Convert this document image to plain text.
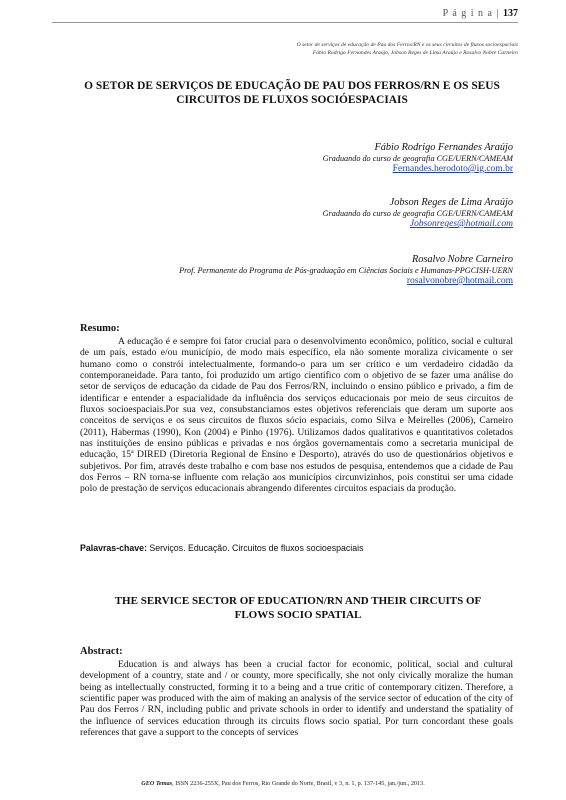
P á g i n a | 137
O setor de serviços de educação de Pau dos Ferros/RN e os seus circuitos de fluxos socioespaciais
Fábio Rodrigo Fernandes Araújo, Jobson Reges de Lima Araújo e Rosalvo Nobre Carneiro
O SETOR DE SERVIÇOS DE EDUCAÇÃO DE PAU DOS FERROS/RN E OS SEUS CIRCUITOS DE FLUXOS SOCIÓESPACIAIS
Fábio Rodrigo Fernandes Araújo
Graduando do curso de geografia CGE/UERN/CAMEAM
Fernandes.herodoto@ig.com.br
Jobson Reges de Lima Araújo
Graduando do curso de geografia CGE/UERN/CAMEAM
Jobsonreges@hotmail.com
Rosalvo Nobre Carneiro
Prof. Permanente do Programa de Pós-graduação em Ciências Sociais e Humanas-PPGCISH-UERN
rosalvonobre@hotmail.com
Resumo:

A educação é e sempre foi fator crucial para o desenvolvimento econômico, político, social e cultural de um país, estado e/ou município, de modo mais específico, ela não somente moraliza civicamente o ser humano como o constrói intelectualmente, formando-o para um ser crítico e um verdadeiro cidadão da contemporaneidade. Para tanto, foi produzido um artigo científico com o objetivo de se fazer uma análise do setor de serviços de educação da cidade de Pau dos Ferros/RN, incluindo o ensino público e privado, a fim de identificar e entender a espacialidade da influência dos serviços educacionais por meio de seus circuitos de fluxos socioespaciais.Por sua vez, consubstanciamos estes objetivos referenciais que deram um suporte aos conceitos de serviços e os seus circuitos de fluxos sócio espaciais, como Silva e Meirelles (2006), Carneiro (2011), Habermas (1990), Kon (2004) e Pinho (1976). Utilizamos dados qualitativos e quantitativos coletados nas instituições de ensino públicas e privadas e nos órgãos governamentais como a secretaria municipal de educação, 15ª DIRED (Diretoria Regional de Ensino e Desporto), através do uso de questionários objetivos e subjetivos. Por fim, através deste trabalho e com base nos estudos de pesquisa, entendemos que a cidade de Pau dos Ferros – RN torna-se influente com relação aos municípios circunvizinhos, pois constitui ser uma cidade polo de prestação de serviços educacionais abrangendo diferentes circuitos espaciais da produção.

Palavras-chave: Serviços. Educação. Circuitos de fluxos socioespaciais
THE SERVICE SECTOR OF EDUCATION/RN AND THEIR CIRCUITS OF FLOWS SOCIO SPATIAL
Abstract:

Education is and always has been a crucial factor for economic, political, social and cultural development of a country, state and / or county, more specifically, she not only civically moralize the human being as intellectually constructed, forming it to a being and a true critic of contemporary citizen. Therefore, a scientific paper was produced with the aim of making an analysis of the service sector of education of the city of Pau dos Ferros / RN, including public and private schools in order to identify and understand the spatiality of the influence of services education through its circuits flows socio spatial. Por turn concordant these goals references that gave a support to the concepts of services

GEO Temas, ISSN 2236-255X, Pau dos Ferros, Rio Grande do Norte, Brasil, v 3, n. 1, p. 137-145, jan./jun., 2013.
